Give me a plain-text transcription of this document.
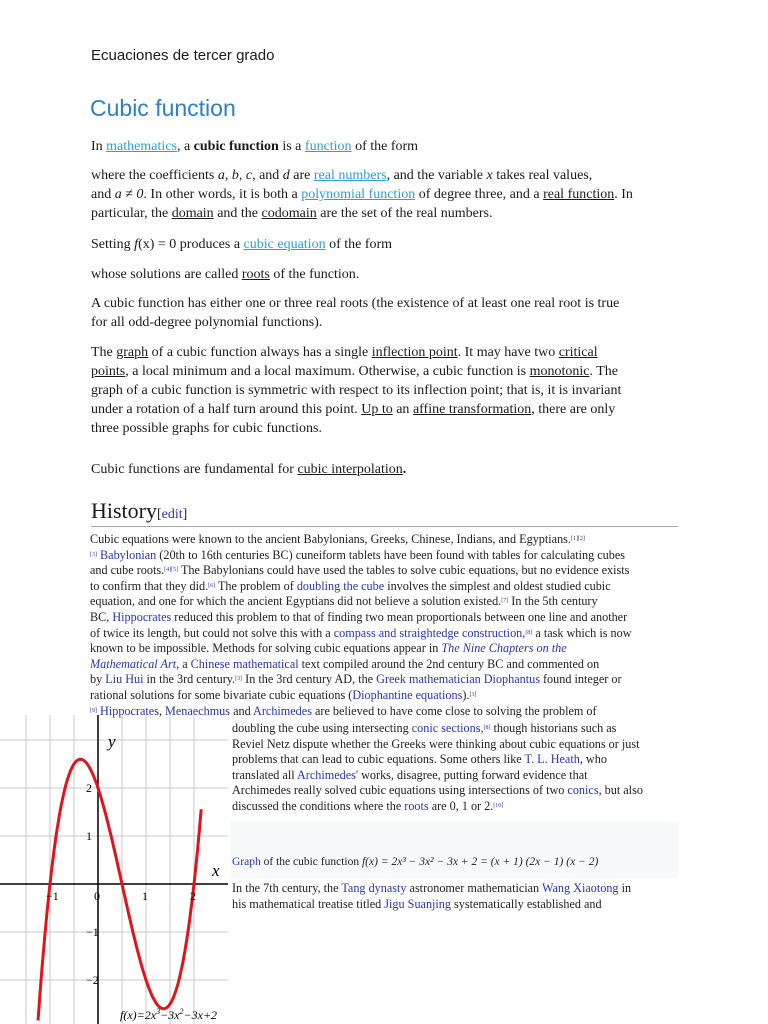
Ecuaciones de tercer grado
Cubic function
In mathematics, a cubic function is a function of the form
where the coefficients a, b, c, and d are real numbers, and the variable x takes real values,
and a ≠ 0. In other words, it is both a polynomial function of degree three, and a real function. In
particular, the domain and the codomain are the set of the real numbers.
Setting f(x) = 0 produces a cubic equation of the form
whose solutions are called roots of the function.
A cubic function has either one or three real roots (the existence of at least one real root is true
for all odd-degree polynomial functions).
The graph of a cubic function always has a single inflection point. It may have two critical
points, a local minimum and a local maximum. Otherwise, a cubic function is monotonic. The
graph of a cubic function is symmetric with respect to its inflection point; that is, it is invariant
under a rotation of a half turn around this point. Up to an affine transformation, there are only
three possible graphs for cubic functions.
Cubic functions are fundamental for cubic interpolation.
History[edit]
Cubic equations were known to the ancient Babylonians, Greeks, Chinese, Indians, and Egyptians.[1][2]
[3] Babylonian (20th to 16th centuries BC) cuneiform tablets have been found with tables for calculating cubes
and cube roots.[4][5] The Babylonians could have used the tables to solve cubic equations, but no evidence exists
to confirm that they did.[6] The problem of doubling the cube involves the simplest and oldest studied cubic
equation, and one for which the ancient Egyptians did not believe a solution existed.[7] In the 5th century
BC, Hippocrates reduced this problem to that of finding two mean proportionals between one line and another
of twice its length, but could not solve this with a compass and straightedge construction,[8] a task which is now
known to be impossible. Methods for solving cubic equations appear in The Nine Chapters on the
Mathematical Art, a Chinese mathematical text compiled around the 2nd century BC and commented on
by Liu Hui in the 3rd century.[3] In the 3rd century AD, the Greek mathematician Diophantus found integer or
rational solutions for some bivariate cubic equations (Diophantine equations).[3]
[9] Hippocrates, Menaechmus and Archimedes are believed to have come close to solving the problem of
doubling the cube using intersecting conic sections,[8] though historians such as
Reviel Netz dispute whether the Greeks were thinking about cubic equations or just
problems that can lead to cubic equations. Some others like T. L. Heath, who
translated all Archimedes' works, disagree, putting forward evidence that
Archimedes really solved cubic equations using intersections of two conics, but also
discussed the conditions where the roots are 0, 1 or 2.[10]
Graph of the cubic function f(x) = 2x³ − 3x² − 3x + 2 = (x + 1) (2x − 1) (x − 2)
In the 7th century, the Tang dynasty astronomer mathematician Wang Xiaotong in
his mathematical treatise titled Jigu Suanjing systematically established and
−1	0	1	2
2
1
−1
−2
x
y
$f(x)=2x^3-3x^2-3x+2$
